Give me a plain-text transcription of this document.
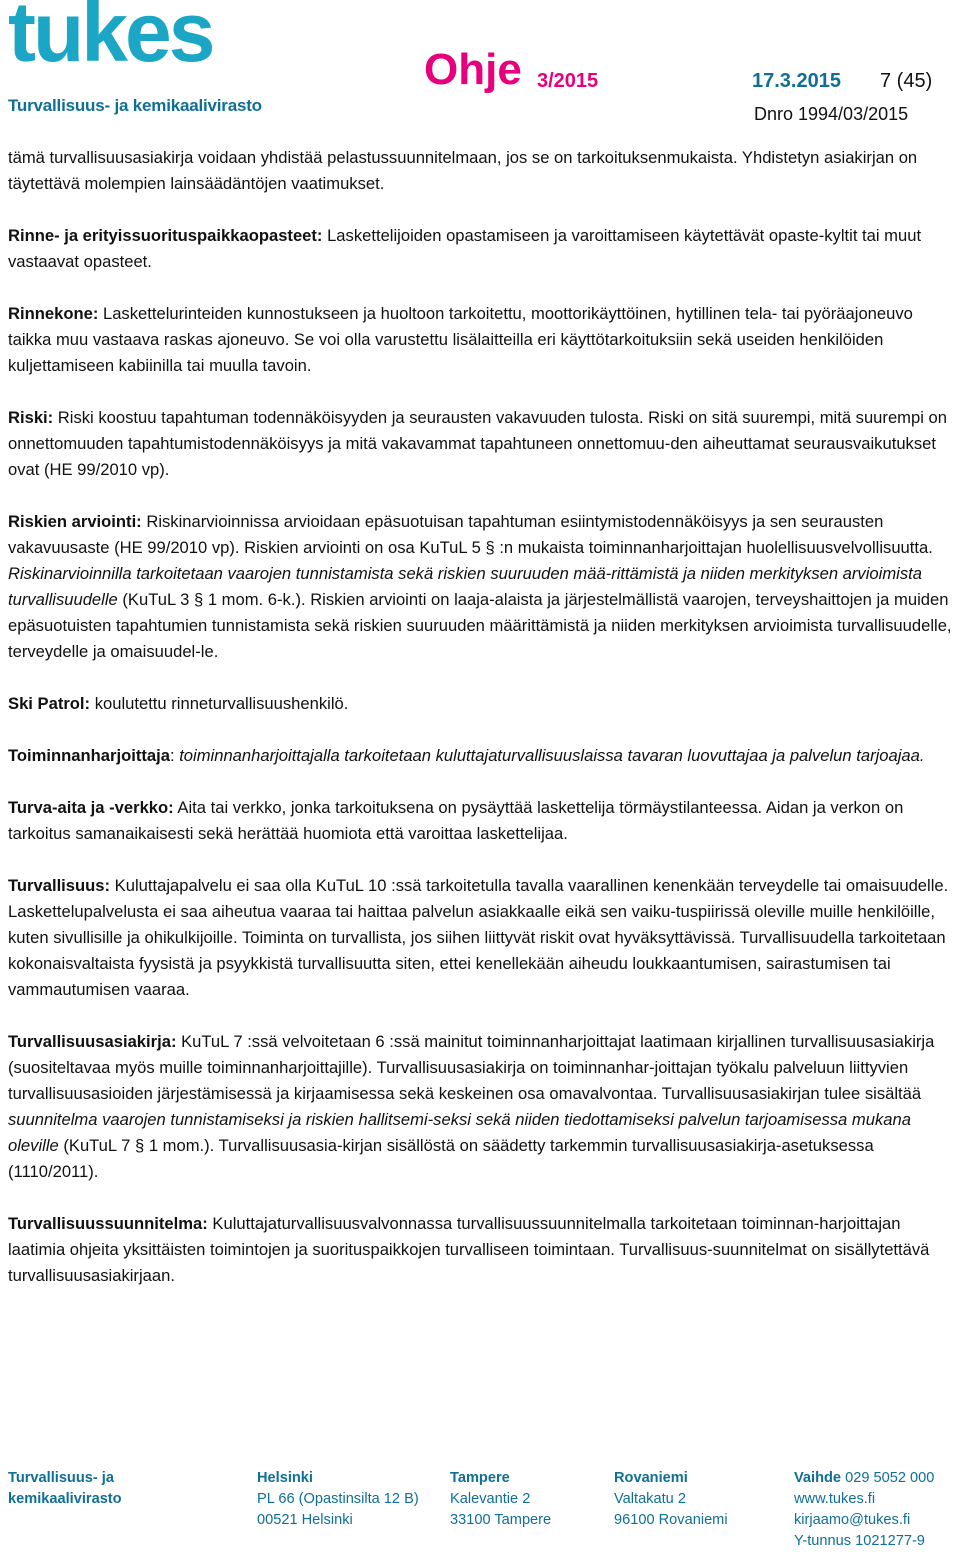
tukes
Turvallisuus- ja kemikaalivirasto
Ohje 3/2015	17.3.2015 7 (45)
Dnro 1994/03/2015

tämä turvallisuusasiakirja voidaan yhdistää pelastussuunnitelmaan, jos se on tarkoituksenmukaista. Yhdistetyn asiakirjan on täytettävä molempien lainsäädäntöjen vaatimukset.

Rinne- ja erityissuorituspaikkaopasteet: Laskettelijoiden opastamiseen ja varoittamiseen käytettävät opaste-kyltit tai muut vastaavat opasteet.

Rinnekone: Laskettelurinteiden kunnostukseen ja huoltoon tarkoitettu, moottorikäyttöinen, hytillinen tela- tai pyöräajoneuvo taikka muu vastaava raskas ajoneuvo. Se voi olla varustettu lisälaitteilla eri käyttötarkoituksiin sekä useiden henkilöiden kuljettamiseen kabiinilla tai muulla tavoin.

Riski: Riski koostuu tapahtuman todennäköisyyden ja seurausten vakavuuden tulosta. Riski on sitä suurempi, mitä suurempi on onnettomuuden tapahtumistodennäköisyys ja mitä vakavammat tapahtuneen onnettomuu-den aiheuttamat seurausvaikutukset ovat (HE 99/2010 vp).

Riskien arviointi: Riskinarvioinnissa arvioidaan epäsuotuisan tapahtuman esiintymistodennäköisyys ja sen seurausten vakavuusaste (HE 99/2010 vp). Riskien arviointi on osa KuTuL 5 § :n mukaista toiminnanharjoittajan huolellisuusvelvollisuutta. Riskinarvioinnilla tarkoitetaan vaarojen tunnistamista sekä riskien suuruuden mää-rittämistä ja niiden merkityksen arvioimista turvallisuudelle (KuTuL 3 § 1 mom. 6-k.). Riskien arviointi on laaja-alaista ja järjestelmällistä vaarojen, terveyshaittojen ja muiden epäsuotuisten tapahtumien tunnistamista sekä riskien suuruuden määrittämistä ja niiden merkityksen arvioimista turvallisuudelle, terveydelle ja omaisuudel-le.

Ski Patrol: koulutettu rinneturvallisuushenkilö.

Toiminnanharjoittaja: toiminnanharjoittajalla tarkoitetaan kuluttajaturvallisuuslaissa tavaran luovuttajaa ja palvelun tarjoajaa.

Turva-aita ja -verkko: Aita tai verkko, jonka tarkoituksena on pysäyttää laskettelija törmäystilanteessa. Aidan ja verkon on tarkoitus samanaikaisesti sekä herättää huomiota että varoittaa laskettelijaa.

Turvallisuus: Kuluttajapalvelu ei saa olla KuTuL 10 :ssä tarkoitetulla tavalla vaarallinen kenenkään terveydelle tai omaisuudelle. Laskettelupalvelusta ei saa aiheutua vaaraa tai haittaa palvelun asiakkaalle eikä sen vaiku-tuspiirissä oleville muille henkilöille, kuten sivullisille ja ohikulkijoille. Toiminta on turvallista, jos siihen liittyvät riskit ovat hyväksyttävissä. Turvallisuudella tarkoitetaan kokonaisvaltaista fyysistä ja psyykkistä turvallisuutta siten, ettei kenellekään aiheudu loukkaantumisen, sairastumisen tai vammautumisen vaaraa.

Turvallisuusasiakirja: KuTuL 7 :ssä velvoitetaan 6 :ssä mainitut toiminnanharjoittajat laatimaan kirjallinen turvallisuusasiakirja (suositeltavaa myös muille toiminnanharjoittajille). Turvallisuusasiakirja on toiminnanhar-joittajan työkalu palveluun liittyvien turvallisuusasioiden järjestämisessä ja kirjaamisessa sekä keskeinen osa omavalvontaa. Turvallisuusasiakirjan tulee sisältää suunnitelma vaarojen tunnistamiseksi ja riskien hallitsemi-seksi sekä niiden tiedottamiseksi palvelun tarjoamisessa mukana oleville (KuTuL 7 § 1 mom.). Turvallisuusasia-kirjan sisällöstä on säädetty tarkemmin turvallisuusasiakirja-asetuksessa (1110/2011).

Turvallisuussuunnitelma: Kuluttajaturvallisuusvalvonnassa turvallisuussuunnitelmalla tarkoitetaan toiminnan-harjoittajan laatimia ohjeita yksittäisten toimintojen ja suorituspaikkojen turvalliseen toimintaan. Turvallisuus-suunnitelmat on sisällytettävä turvallisuusasiakirjaan.

Turvallisuus- ja
kemikaalivirasto
Helsinki
PL 66 (Opastinsilta 12 B)
00521 Helsinki
Tampere
Kalevantie 2
33100 Tampere
Rovaniemi
Valtakatu 2
96100 Rovaniemi
Vaihde 029 5052 000
www.tukes.fi
kirjaamo@tukes.fi
Y-tunnus 1021277-9
